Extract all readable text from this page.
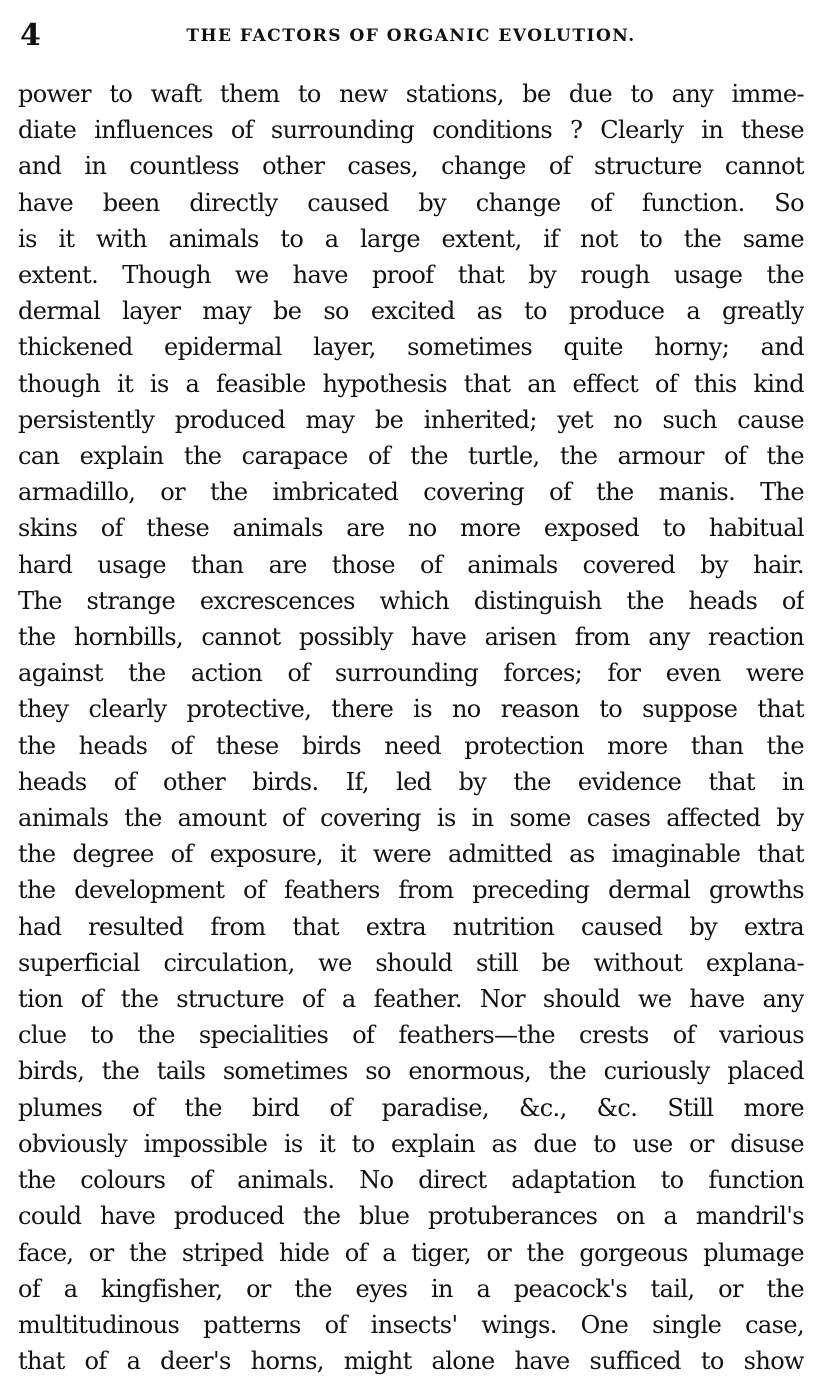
4	THE FACTORS OF ORGANIC EVOLUTION.
power to waft them to new stations, be due to any imme-
diate influences of surrounding conditions ? Clearly in these
and in countless other cases, change of structure cannot
have been directly caused by change of function. So
is it with animals to a large extent, if not to the same
extent. Though we have proof that by rough usage the
dermal layer may be so excited as to produce a greatly
thickened epidermal layer, sometimes quite horny; and
though it is a feasible hypothesis that an effect of this kind
persistently produced may be inherited; yet no such cause
can explain the carapace of the turtle, the armour of the
armadillo, or the imbricated covering of the manis. The
skins of these animals are no more exposed to habitual
hard usage than are those of animals covered by hair.
The strange excrescences which distinguish the heads of
the hornbills, cannot possibly have arisen from any reaction
against the action of surrounding forces; for even were
they clearly protective, there is no reason to suppose that
the heads of these birds need protection more than the
heads of other birds. If, led by the evidence that in
animals the amount of covering is in some cases affected by
the degree of exposure, it were admitted as imaginable that
the development of feathers from preceding dermal growths
had resulted from that extra nutrition caused by extra
superficial circulation, we should still be without explana-
tion of the structure of a feather. Nor should we have any
clue to the specialities of feathers—the crests of various
birds, the tails sometimes so enormous, the curiously placed
plumes of the bird of paradise, &c., &c. Still more
obviously impossible is it to explain as due to use or disuse
the colours of animals. No direct adaptation to function
could have produced the blue protuberances on a mandril's
face, or the striped hide of a tiger, or the gorgeous plumage
of a kingfisher, or the eyes in a peacock's tail, or the
multitudinous patterns of insects' wings. One single case,
that of a deer's horns, might alone have sufficed to show
